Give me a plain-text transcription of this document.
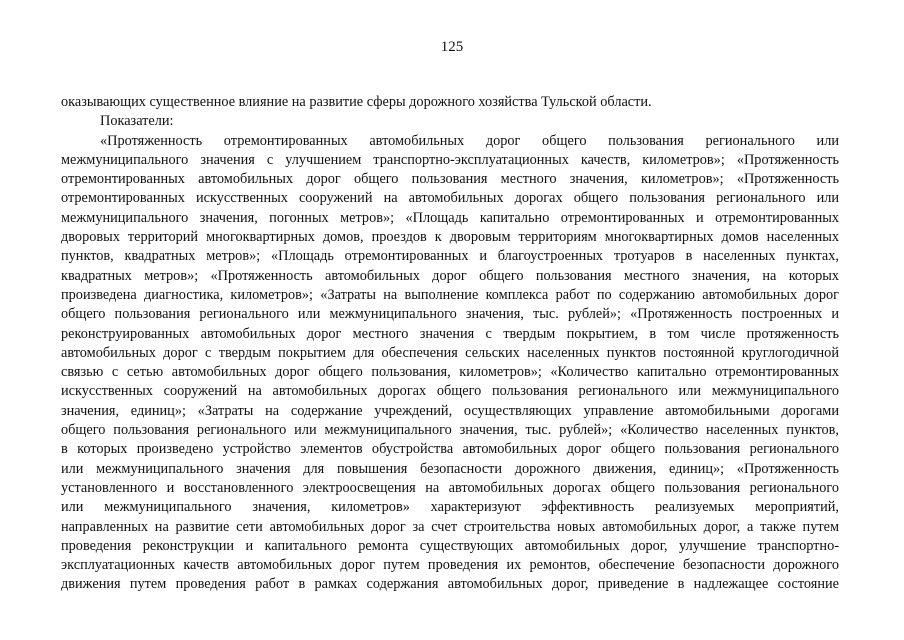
125
оказывающих существенное влияние на развитие сферы дорожного хозяйства Тульской области.
Показатели:
«Протяженность отремонтированных автомобильных дорог общего пользования регионального или
межмуниципального значения с улучшением транспортно-эксплуатационных качеств, километров»; «Протяженность
отремонтированных автомобильных дорог общего пользования местного значения, километров»; «Протяженность
отремонтированных искусственных сооружений на автомобильных дорогах общего пользования регионального или
межмуниципального значения, погонных метров»; «Площадь капитально отремонтированных и отремонтированных
дворовых территорий многоквартирных домов, проездов к дворовым территориям многоквартирных домов населенных
пунктов, квадратных метров»; «Площадь отремонтированных и благоустроенных тротуаров в населенных пунктах,
квадратных метров»; «Протяженность автомобильных дорог общего пользования местного значения, на которых
произведена диагностика, километров»; «Затраты на выполнение комплекса работ по содержанию автомобильных дорог
общего пользования регионального или межмуниципального значения, тыс. рублей»; «Протяженность построенных и
реконструированных автомобильных дорог местного значения с твердым покрытием, в том числе протяженность
автомобильных дорог с твердым покрытием для обеспечения сельских населенных пунктов постоянной круглогодичной
связью с сетью автомобильных дорог общего пользования, километров»; «Количество капитально отремонтированных
искусственных сооружений на автомобильных дорогах общего пользования регионального или межмуниципального
значения, единиц»; «Затраты на содержание учреждений, осуществляющих управление автомобильными дорогами
общего пользования регионального или межмуниципального значения, тыс. рублей»; «Количество населенных пунктов,
в которых произведено устройство элементов обустройства автомобильных дорог общего пользования регионального
или межмуниципального значения для повышения безопасности дорожного движения, единиц»; «Протяженность
установленного и восстановленного электроосвещения на автомобильных дорогах общего пользования регионального
или межмуниципального значения, километров» характеризуют эффективность реализуемых мероприятий,
направленных на развитие сети автомобильных дорог за счет строительства новых автомобильных дорог, а также путем
проведения реконструкции и капитального ремонта существующих автомобильных дорог, улучшение транспортно-
эксплуатационных качеств автомобильных дорог путем проведения их ремонтов, обеспечение безопасности дорожного
движения путем проведения работ в рамках содержания автомобильных дорог, приведение в надлежащее состояние
